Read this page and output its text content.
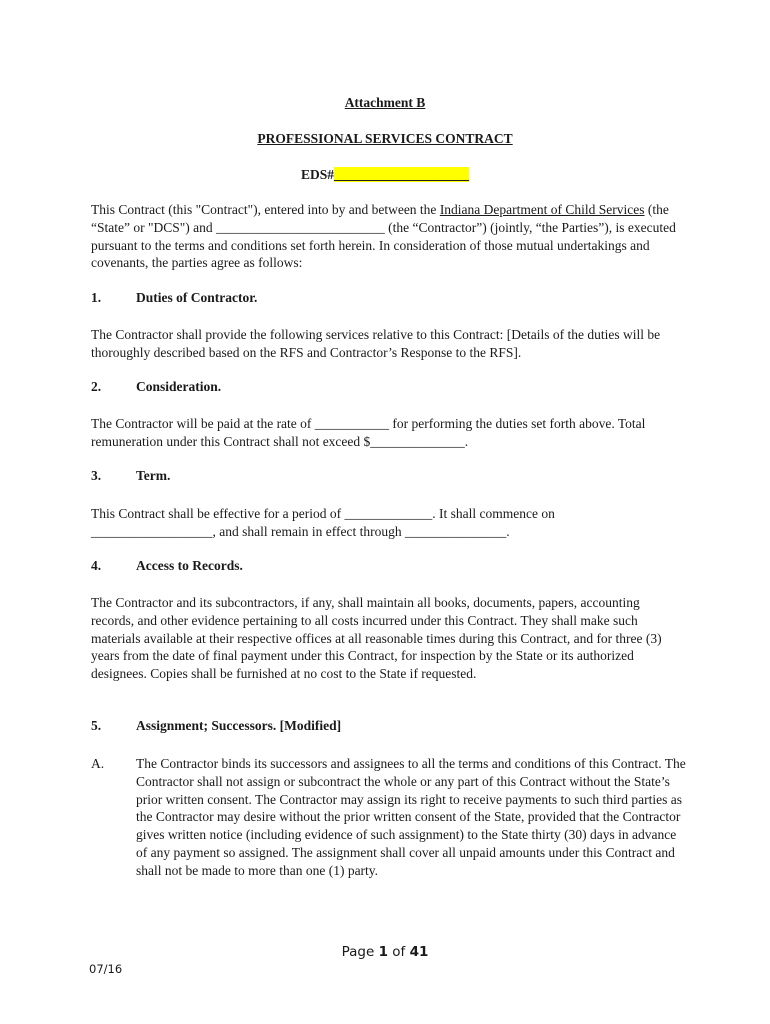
Attachment B
PROFESSIONAL SERVICES CONTRACT
EDS#____________________
This Contract (this "Contract"), entered into by and between the Indiana Department of Child Services (the “State” or "DCS") and _________________________ (the “Contractor”) (jointly, “the Parties”), is executed pursuant to the terms and conditions set forth herein. In consideration of those mutual undertakings and covenants, the parties agree as follows:
1.	Duties of Contractor.
The Contractor shall provide the following services relative to this Contract: [Details of the duties will be thoroughly described based on the RFS and Contractor’s Response to the RFS].
2.	Consideration.
The Contractor will be paid at the rate of ___________ for performing the duties set forth above. Total remuneration under this Contract shall not exceed $______________.
3.	Term.
This Contract shall be effective for a period of _____________. It shall commence on __________________, and shall remain in effect through _______________.
4.	Access to Records.
The Contractor and its subcontractors, if any, shall maintain all books, documents, papers, accounting records, and other evidence pertaining to all costs incurred under this Contract. They shall make such materials available at their respective offices at all reasonable times during this Contract, and for three (3) years from the date of final payment under this Contract, for inspection by the State or its authorized designees. Copies shall be furnished at no cost to the State if requested.
5.	Assignment; Successors. [Modified]
A. The Contractor binds its successors and assignees to all the terms and conditions of this Contract. The Contractor shall not assign or subcontract the whole or any part of this Contract without the State’s prior written consent. The Contractor may assign its right to receive payments to such third parties as the Contractor may desire without the prior written consent of the State, provided that the Contractor gives written notice (including evidence of such assignment) to the State thirty (30) days in advance of any payment so assigned. The assignment shall cover all unpaid amounts under this Contract and shall not be made to more than one (1) party.
Page 1 of 41
07/16
